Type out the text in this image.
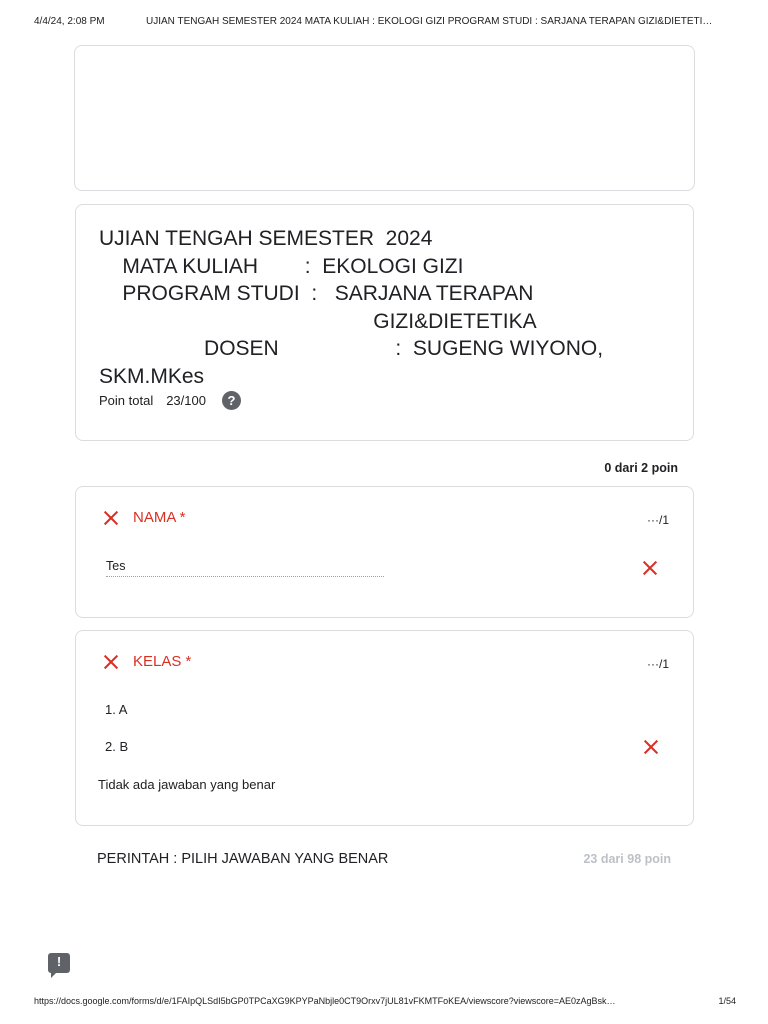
4/4/24, 2:08 PM	UJIAN TENGAH SEMESTER 2024 MATA KULIAH : EKOLOGI GIZI PROGRAM STUDI : SARJANA TERAPAN GIZI&DIETETI…
UJIAN TENGAH SEMESTER  2024
MATA KULIAH        :  EKOLOGI GIZI
PROGRAM STUDI  :   SARJANA TERAPAN
GIZI&DIETETIKA
DOSEN                    :  SUGENG WIYONO,
SKM.MKes
Poin total 23/100	?
0 dari 2 poin
NAMA *	···/1
Tes
KELAS *	···/1
1. A
2. B
Tidak ada jawaban yang benar
PERINTAH : PILIH JAWABAN YANG BENAR	23 dari 98 poin
!
https://docs.google.com/forms/d/e/1FAIpQLSdI5bGP0TPCaXG9KPYPaNbjle0CT9Orxv7jUL81vFKMTFoKEA/viewscore?viewscore=AE0zAgBsk…	1/54
